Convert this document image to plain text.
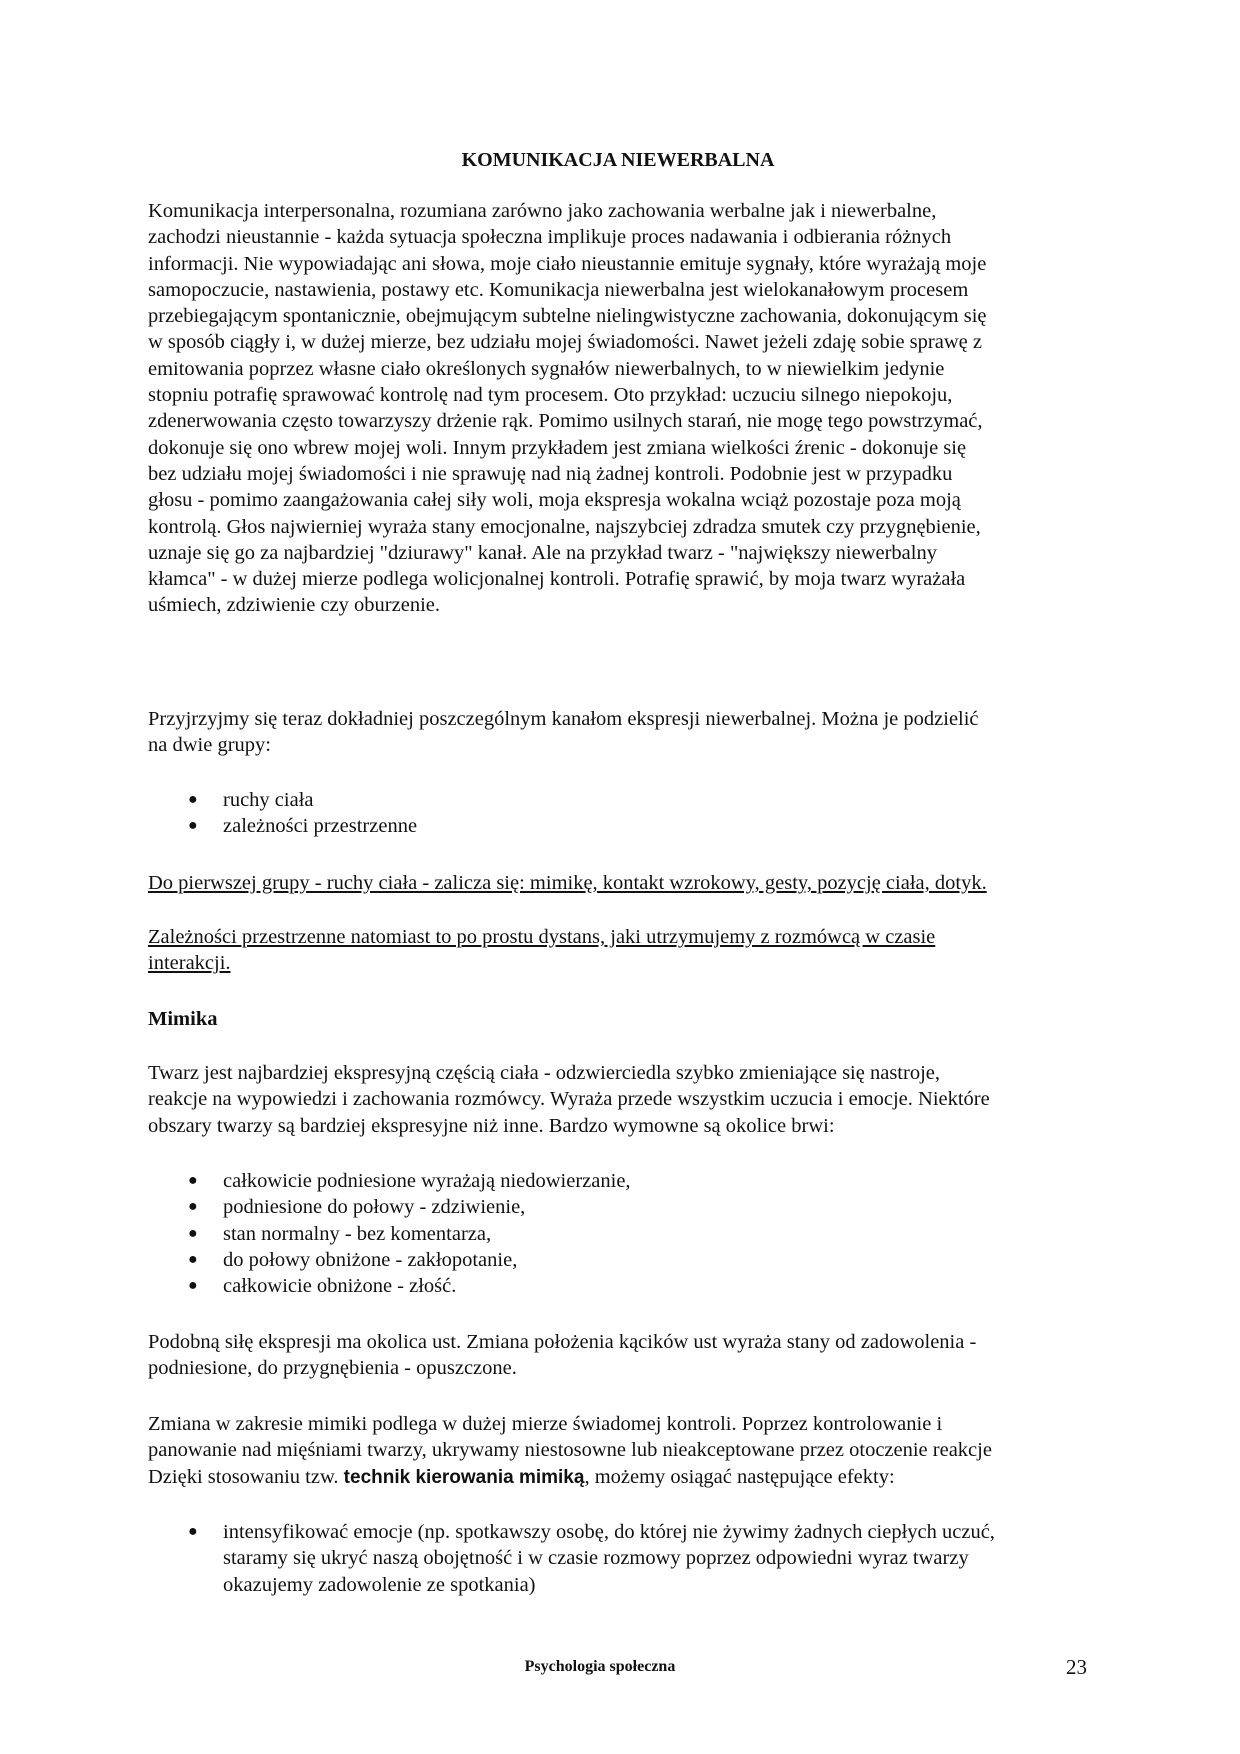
KOMUNIKACJA NIEWERBALNA

Komunikacja interpersonalna, rozumiana zarówno jako zachowania werbalne jak i niewerbalne,
zachodzi nieustannie - każda sytuacja społeczna implikuje proces nadawania i odbierania różnych
informacji. Nie wypowiadając ani słowa, moje ciało nieustannie emituje sygnały, które wyrażają moje
samopoczucie, nastawienia, postawy etc. Komunikacja niewerbalna jest wielokanałowym procesem
przebiegającym spontanicznie, obejmującym subtelne nielingwistyczne zachowania, dokonującym się
w sposób ciągły i, w dużej mierze, bez udziału mojej świadomości. Nawet jeżeli zdaję sobie sprawę z
emitowania poprzez własne ciało określonych sygnałów niewerbalnych, to w niewielkim jedynie
stopniu potrafię sprawować kontrolę nad tym procesem. Oto przykład: uczuciu silnego niepokoju,
zdenerwowania często towarzyszy drżenie rąk. Pomimo usilnych starań, nie mogę tego powstrzymać,
dokonuje się ono wbrew mojej woli. Innym przykładem jest zmiana wielkości źrenic - dokonuje się
bez udziału mojej świadomości i nie sprawuję nad nią żadnej kontroli. Podobnie jest w przypadku
głosu - pomimo zaangażowania całej siły woli, moja ekspresja wokalna wciąż pozostaje poza moją
kontrolą. Głos najwierniej wyraża stany emocjonalne, najszybciej zdradza smutek czy przygnębienie,
uznaje się go za najbardziej "dziurawy" kanał. Ale na przykład twarz - "największy niewerbalny
kłamca" - w dużej mierze podlega wolicjonalnej kontroli. Potrafię sprawić, by moja twarz wyrażała
uśmiech, zdziwienie czy oburzenie.

Przyjrzyjmy się teraz dokładniej poszczególnym kanałom ekspresji niewerbalnej. Można je podzielić
na dwie grupy:

● ruchy ciała
● zależności przestrzenne

Do pierwszej grupy - ruchy ciała - zalicza się: mimikę, kontakt wzrokowy, gesty, pozycję ciała, dotyk.

Zależności przestrzenne natomiast to po prostu dystans, jaki utrzymujemy z rozmówcą w czasie
interakcji.

Mimika

Twarz jest najbardziej ekspresyjną częścią ciała - odzwierciedla szybko zmieniające się nastroje,
reakcje na wypowiedzi i zachowania rozmówcy. Wyraża przede wszystkim uczucia i emocje. Niektóre
obszary twarzy są bardziej ekspresyjne niż inne. Bardzo wymowne są okolice brwi:

● całkowicie podniesione wyrażają niedowierzanie,
● podniesione do połowy - zdziwienie,
● stan normalny - bez komentarza,
● do połowy obniżone - zakłopotanie,
● całkowicie obniżone - złość.

Podobną siłę ekspresji ma okolica ust. Zmiana położenia kącików ust wyraża stany od zadowolenia -
podniesione, do przygnębienia - opuszczone.

Zmiana w zakresie mimiki podlega w dużej mierze świadomej kontroli. Poprzez kontrolowanie i
panowanie nad mięśniami twarzy, ukrywamy niestosowne lub nieakceptowane przez otoczenie reakcje
Dzięki stosowaniu tzw. technik kierowania mimiką, możemy osiągać następujące efekty:

● intensyfikować emocje (np. spotkawszy osobę, do której nie żywimy żadnych ciepłych uczuć,
staramy się ukryć naszą obojętność i w czasie rozmowy poprzez odpowiedni wyraz twarzy
okazujemy zadowolenie ze spotkania)
Psychologia społeczna	23
